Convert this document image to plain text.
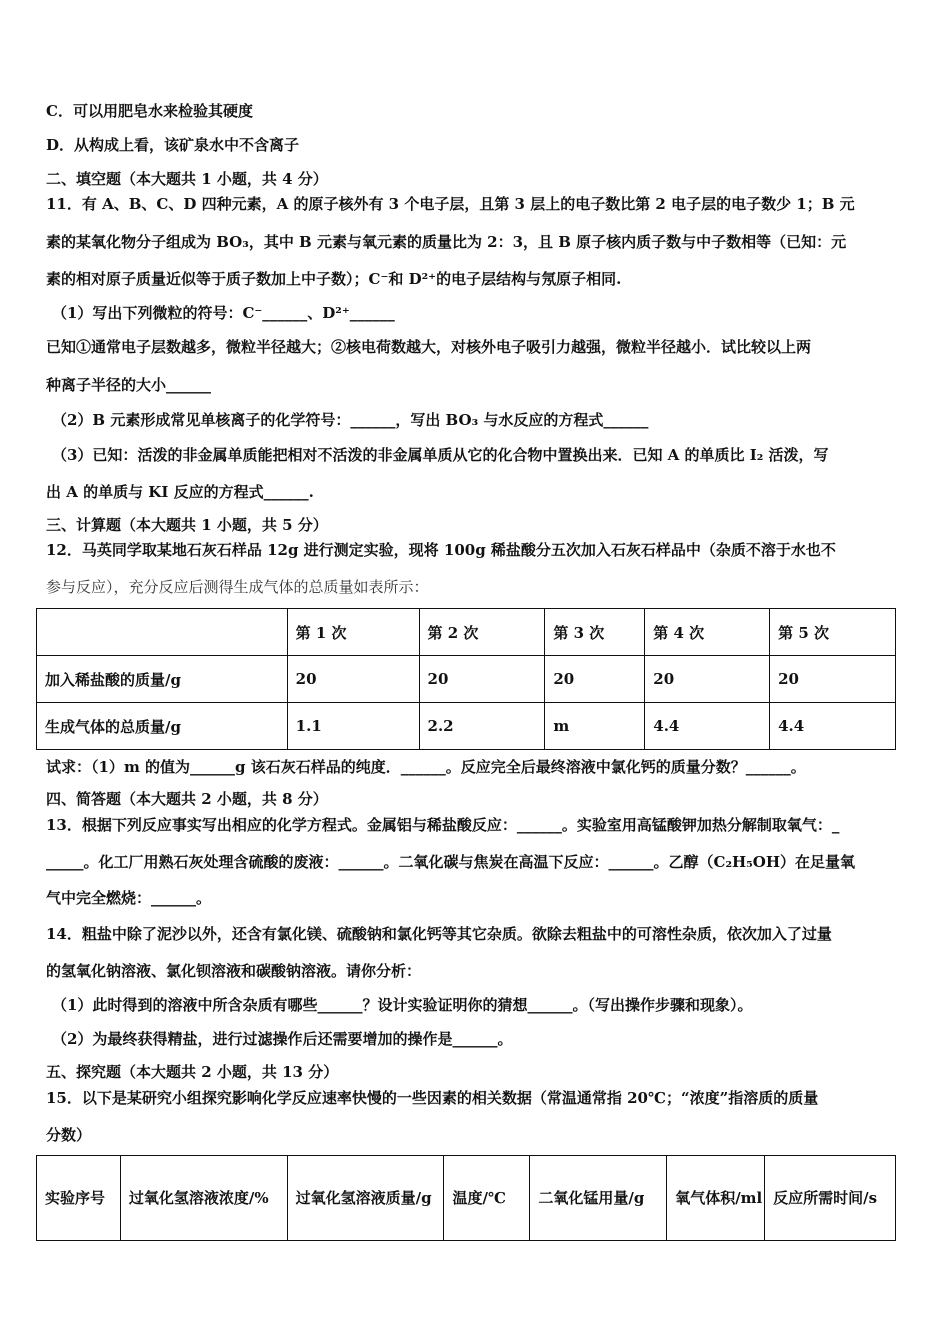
C．可以用肥皂水来检验其硬度
D．从构成上看，该矿泉水中不含离子
二、填空题（本大题共 1 小题，共 4 分）
11．有 A、B、C、D 四种元素，A 的原子核外有 3 个电子层，且第 3 层上的电子数比第 2 电子层的电子数少 1；B 元
素的某氧化物分子组成为 BO₃，其中 B 元素与氧元素的质量比为 2：3，且 B 原子核内质子数与中子数相等（已知：元
素的相对原子质量近似等于质子数加上中子数）；C⁻和 D²⁺的电子层结构与氖原子相同.
（1）写出下列微粒的符号：C⁻______、D²⁺______
已知①通常电子层数越多，微粒半径越大；②核电荷数越大，对核外电子吸引力越强，微粒半径越小．试比较以上两
种离子半径的大小______
（2）B 元素形成常见单核离子的化学符号：______，写出 BO₃ 与水反应的方程式______
（3）已知：活泼的非金属单质能把相对不活泼的非金属单质从它的化合物中置换出来．已知 A 的单质比 I₂ 活泼，写
出 A 的单质与 KI 反应的方程式______.
三、计算题（本大题共 1 小题，共 5 分）
12．马英同学取某地石灰石样品 12g 进行测定实验，现将 100g 稀盐酸分五次加入石灰石样品中（杂质不溶于水也不
参与反应），充分反应后测得生成气体的总质量如表所示：
	第 1 次	第 2 次	第 3 次	第 4 次	第 5 次
加入稀盐酸的质量/g	20	20	20	20	20
生成气体的总质量/g	1.1	2.2	m	4.4	4.4
试求：（1）m 的值为______g 该石灰石样品的纯度．______。反应完全后最终溶液中氯化钙的质量分数？______。
四、简答题（本大题共 2 小题，共 8 分）
13．根据下列反应事实写出相应的化学方程式。金属铝与稀盐酸反应：______。实验室用高锰酸钾加热分解制取氧气：_
_____。化工厂用熟石灰处理含硫酸的废液：______。二氧化碳与焦炭在高温下反应：______。乙醇（C₂H₅OH）在足量氧
气中完全燃烧：______。
14．粗盐中除了泥沙以外，还含有氯化镁、硫酸钠和氯化钙等其它杂质。欲除去粗盐中的可溶性杂质，依次加入了过量
的氢氧化钠溶液、氯化钡溶液和碳酸钠溶液。请你分析：
（1）此时得到的溶液中所含杂质有哪些______？设计实验证明你的猜想______。（写出操作步骤和现象）。
（2）为最终获得精盐，进行过滤操作后还需要增加的操作是______。
五、探究题（本大题共 2 小题，共 13 分）
15．以下是某研究小组探究影响化学反应速率快慢的一些因素的相关数据（常温通常指 20℃；“浓度”指溶质的质量
分数）
实验序号	过氧化氢溶液浓度/%	过氧化氢溶液质量/g	温度/℃	二氧化锰用量/g	氧气体积/ml	反应所需时间/s
